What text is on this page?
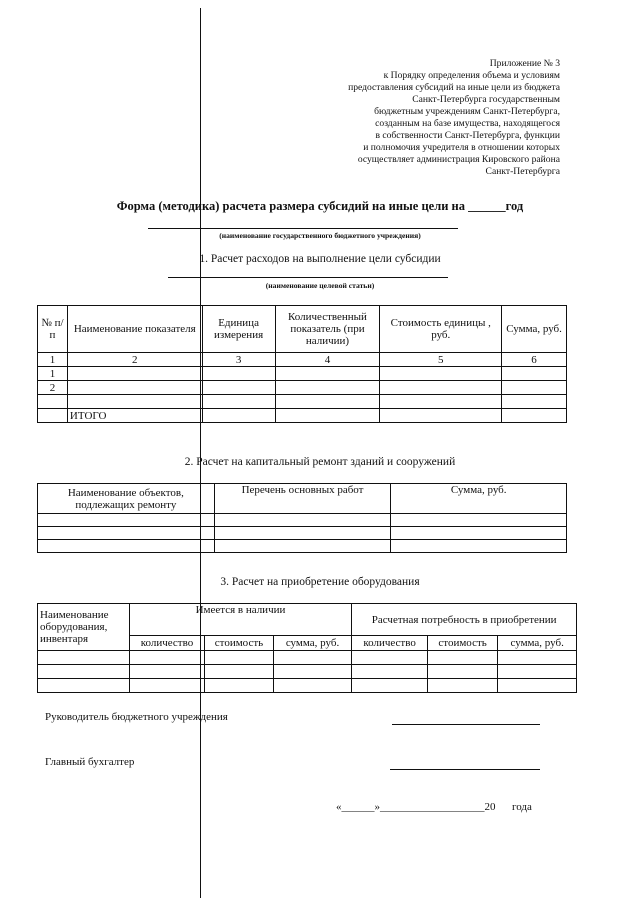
Приложение № 3
к Порядку определения объема и условиям
предоставления субсидий на иные цели из бюджета
Санкт-Петербурга государственным
бюджетным учреждениям Санкт-Петербурга,
созданным на базе имущества, находящегося
в собственности Санкт-Петербурга, функции
и полномочия учредителя в отношении которых
осуществляет администрация Кировского района
Санкт-Петербурга
Форма (методика) расчета размера субсидий на иные цели на ______год
(наименование государственного бюджетного учреждения)
1. Расчет расходов на выполнение цели субсидии
(наименование целевой статьи)
№ п/п	Наименование показателя	Единица измерения	Количественный показатель (при наличии)	Стоимость единицы , руб.	Сумма, руб.
1	2	3	4	5	6
1					
2					

	ИТОГО				
2. Расчет на капитальный ремонт зданий и сооружений
Наименование объектов, подлежащих ремонту	Перечень основных работ	Сумма, руб.

3. Расчет на приобретение оборудования
Наименование оборудования, инвентаря	Имеется в наличии			Расчетная потребность в приобретении		
	количество	стоимость	сумма, руб.	количество	стоимость	сумма, руб.

Руководитель бюджетного учреждения
Главный бухгалтер
«______»___________________20      года
